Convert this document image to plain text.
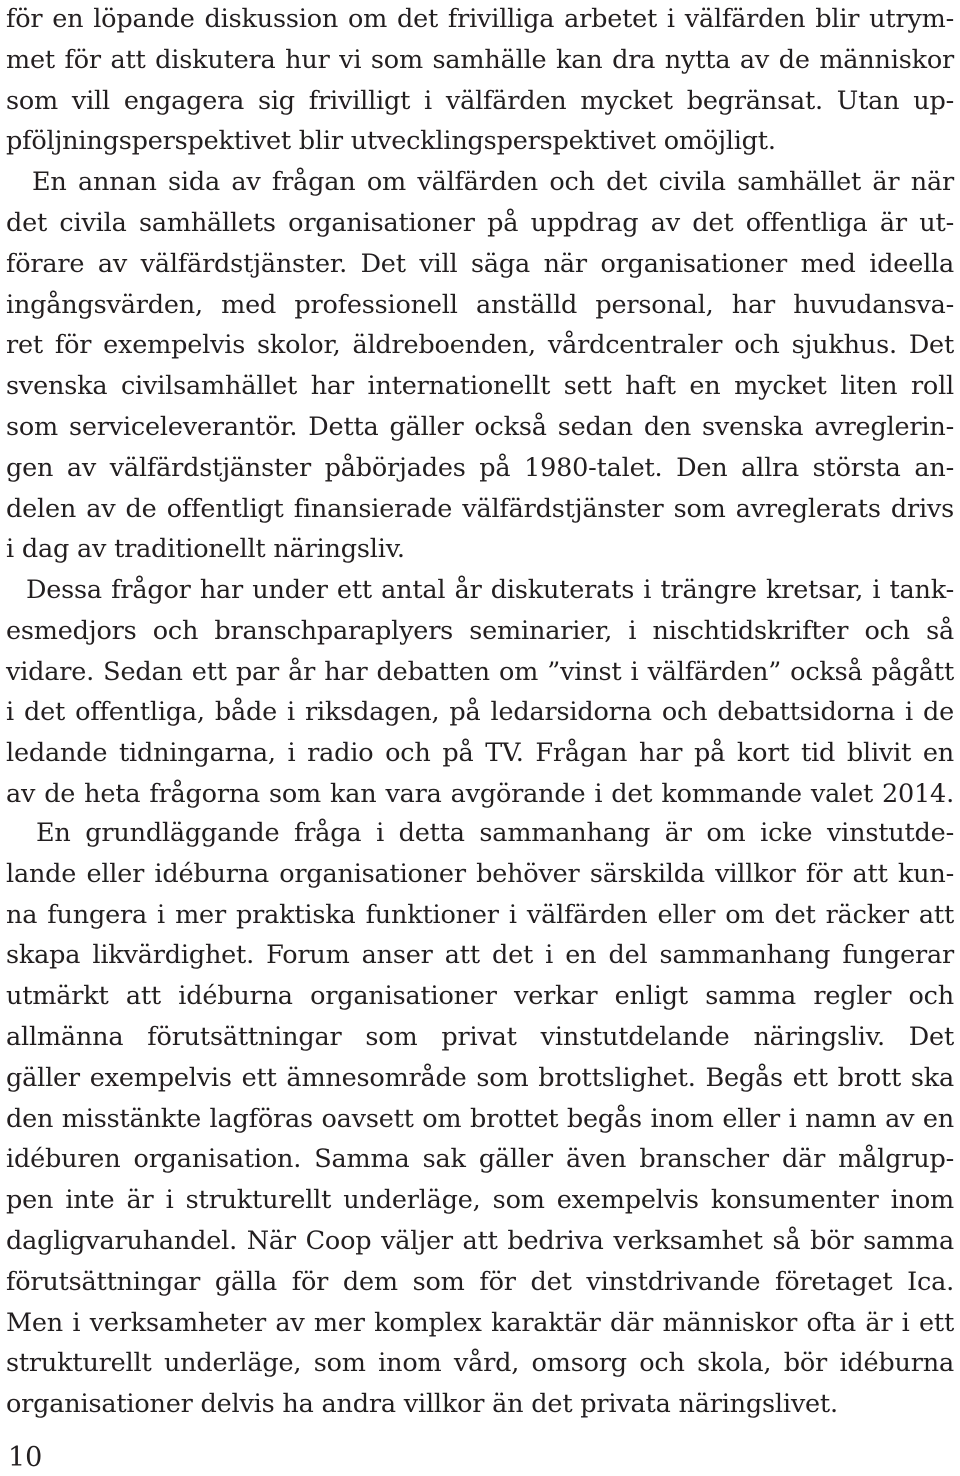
för en löpande diskussion om det frivilliga arbetet i välfärden blir utrym-
met för att diskutera hur vi som samhälle kan dra nytta av de människor
som vill engagera sig frivilligt i välfärden mycket begränsat. Utan up-
pföljningsperspektivet blir utvecklingsperspektivet omöjligt.
En annan sida av frågan om välfärden och det civila samhället är när
det civila samhällets organisationer på uppdrag av det offentliga är ut-
förare av välfärdstjänster. Det vill säga när organisationer med ideella
ingångsvärden, med professionell anställd personal, har huvudansva-
ret för exempelvis skolor, äldreboenden, vårdcentraler och sjukhus. Det
svenska civilsamhället har internationellt sett haft en mycket liten roll
som serviceleverantör. Detta gäller också sedan den svenska avreglerin-
gen av välfärdstjänster påbörjades på 1980-talet. Den allra största an-
delen av de offentligt finansierade välfärdstjänster som avreglerats drivs
i dag av traditionellt näringsliv.
Dessa frågor har under ett antal år diskuterats i trängre kretsar, i tank-
esmedjors och branschparaplyers seminarier, i nischtidskrifter och så
vidare. Sedan ett par år har debatten om ”vinst i välfärden” också pågått
i det offentliga, både i riksdagen, på ledarsidorna och debattsidorna i de
ledande tidningarna, i radio och på TV. Frågan har på kort tid blivit en
av de heta frågorna som kan vara avgörande i det kommande valet 2014.
En grundläggande fråga i detta sammanhang är om icke vinstutde-
lande eller idéburna organisationer behöver särskilda villkor för att kun-
na fungera i mer praktiska funktioner i välfärden eller om det räcker att
skapa likvärdighet. Forum anser att det i en del sammanhang fungerar
utmärkt att idéburna organisationer verkar enligt samma regler och
allmänna förutsättningar som privat vinstutdelande näringsliv. Det
gäller exempelvis ett ämnesområde som brottslighet. Begås ett brott ska
den misstänkte lagföras oavsett om brottet begås inom eller i namn av en
idéburen organisation. Samma sak gäller även branscher där målgrup-
pen inte är i strukturellt underläge, som exempelvis konsumenter inom
dagligvaruhandel. När Coop väljer att bedriva verksamhet så bör samma
förutsättningar gälla för dem som för det vinstdrivande företaget Ica.
Men i verksamheter av mer komplex karaktär där människor ofta är i ett
strukturellt underläge, som inom vård, omsorg och skola, bör idéburna
organisationer delvis ha andra villkor än det privata näringslivet.
10
